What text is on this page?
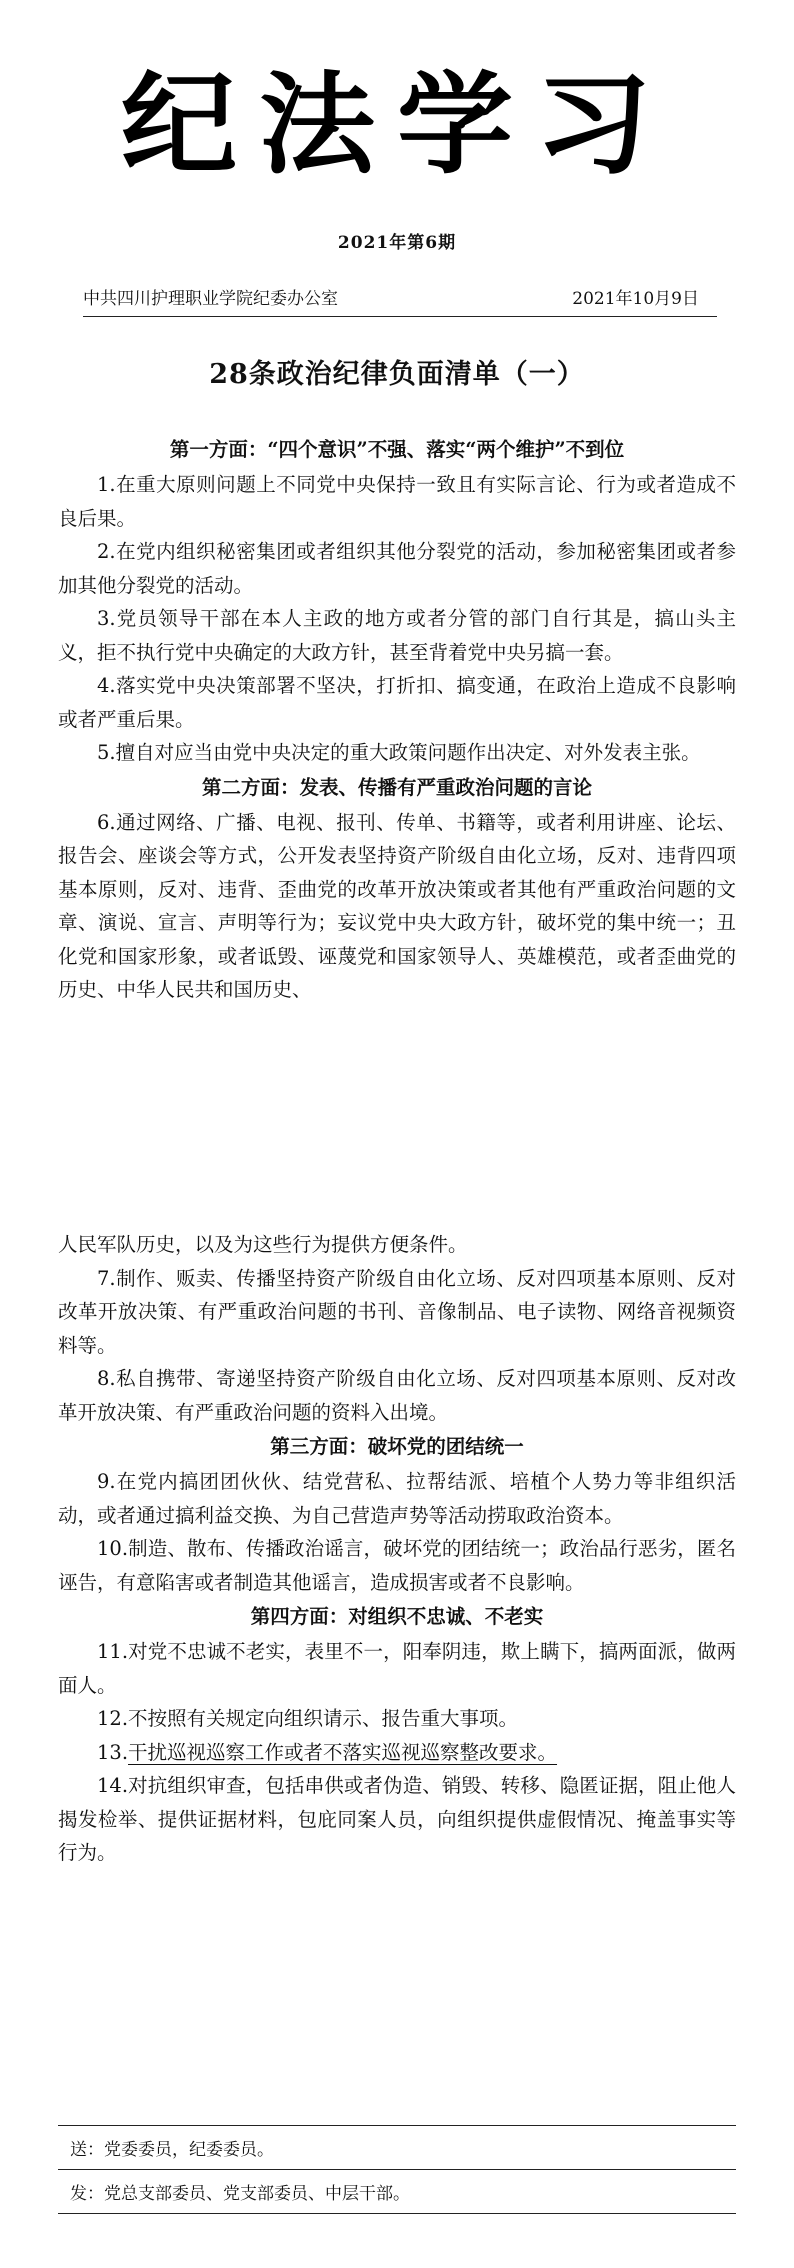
纪法学习
2021年第6期
中共四川护理职业学院纪委办公室	2021年10月9日
28条政治纪律负面清单（一）
第一方面：“四个意识”不强、落实“两个维护”不到位

1.在重大原则问题上不同党中央保持一致且有实际言论、行为或者造成不良后果。

2.在党内组织秘密集团或者组织其他分裂党的活动，参加秘密集团或者参加其他分裂党的活动。

3.党员领导干部在本人主政的地方或者分管的部门自行其是，搞山头主义，拒不执行党中央确定的大政方针，甚至背着党中央另搞一套。

4.落实党中央决策部署不坚决，打折扣、搞变通，在政治上造成不良影响或者严重后果。

5.擅自对应当由党中央决定的重大政策问题作出决定、对外发表主张。

第二方面：发表、传播有严重政治问题的言论

6.通过网络、广播、电视、报刊、传单、书籍等，或者利用讲座、论坛、报告会、座谈会等方式，公开发表坚持资产阶级自由化立场，反对、违背四项基本原则，反对、违背、歪曲党的改革开放决策或者其他有严重政治问题的文章、演说、宣言、声明等行为；妄议党中央大政方针，破坏党的集中统一；丑化党和国家形象，或者诋毁、诬蔑党和国家领导人、英雄模范，或者歪曲党的历史、中华人民共和国历史、

人民军队历史，以及为这些行为提供方便条件。

7.制作、贩卖、传播坚持资产阶级自由化立场、反对四项基本原则、反对改革开放决策、有严重政治问题的书刊、音像制品、电子读物、网络音视频资料等。

8.私自携带、寄递坚持资产阶级自由化立场、反对四项基本原则、反对改革开放决策、有严重政治问题的资料入出境。

第三方面：破坏党的团结统一

9.在党内搞团团伙伙、结党营私、拉帮结派、培植个人势力等非组织活动，或者通过搞利益交换、为自己营造声势等活动捞取政治资本。

10.制造、散布、传播政治谣言，破坏党的团结统一；政治品行恶劣，匿名诬告，有意陷害或者制造其他谣言，造成损害或者不良影响。

第四方面：对组织不忠诚、不老实

11.对党不忠诚不老实，表里不一，阳奉阴违，欺上瞒下，搞两面派，做两面人。

12.不按照有关规定向组织请示、报告重大事项。

13.干扰巡视巡察工作或者不落实巡视巡察整改要求。

14.对抗组织审查，包括串供或者伪造、销毁、转移、隐匿证据，阻止他人揭发检举、提供证据材料，包庇同案人员，向组织提供虚假情况、掩盖事实等行为。

送：党委委员，纪委委员。
发：党总支部委员、党支部委员、中层干部。
